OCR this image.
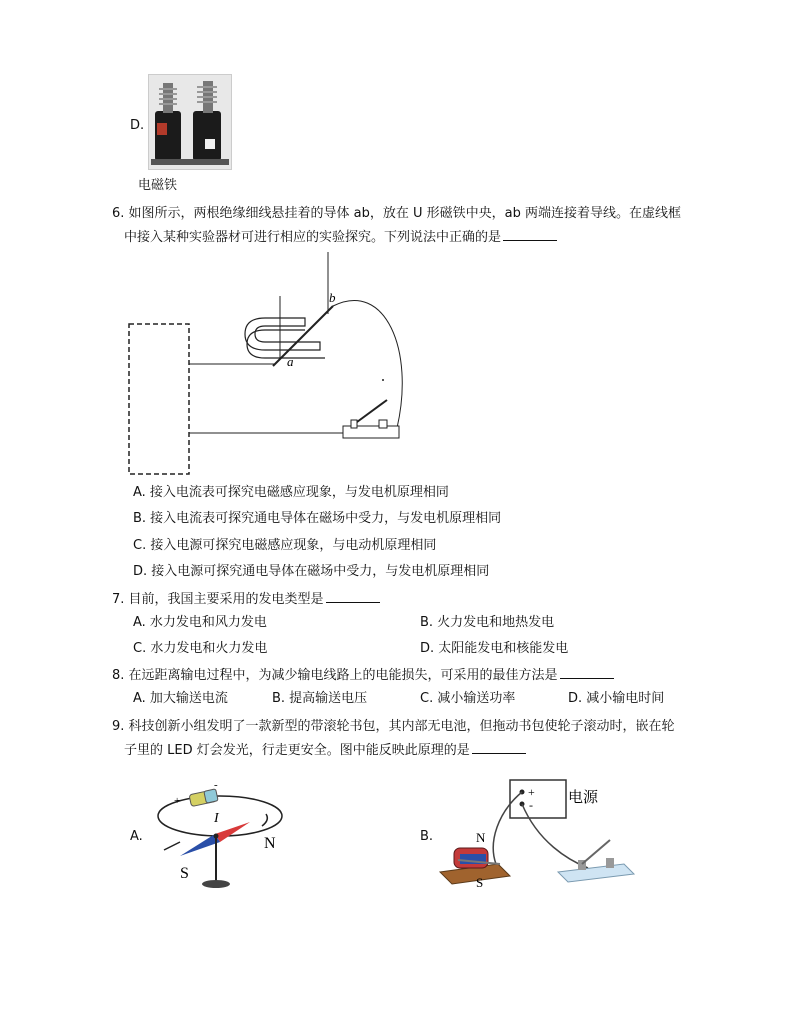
D.
电磁铁
6. 如图所示，两根绝缘细线悬挂着的导体 ab，放在 U 形磁铁中央，ab 两端连接着导线。在虚线框
中接入某种实验器材可进行相应的实验探究。下列说法中正确的是
b
a
A. 接入电流表可探究电磁感应现象，与发电机原理相同
B. 接入电流表可探究通电导体在磁场中受力，与发电机原理相同
C. 接入电源可探究电磁感应现象，与电动机原理相同
D. 接入电源可探究通电导体在磁场中受力，与发电机原理相同
7. 目前，我国主要采用的发电类型是
A. 水力发电和风力发电	B. 火力发电和地热发电
C. 水力发电和火力发电	D. 太阳能发电和核能发电
8. 在远距离输电过程中，为减少输电线路上的电能损失，可采用的最佳方法是
A. 加大输送电流	B. 提高输送电压	C. 减小输送功率	D. 减小输电时间
9. 科技创新小组发明了一款新型的带滚轮书包，其内部无电池，但拖动书包使轮子滚动时，嵌在轮
子里的 LED 灯会发光，行走更安全。图中能反映此原理的是
A.
+
-
I
N
S
B.
+
- 电源
N
S
